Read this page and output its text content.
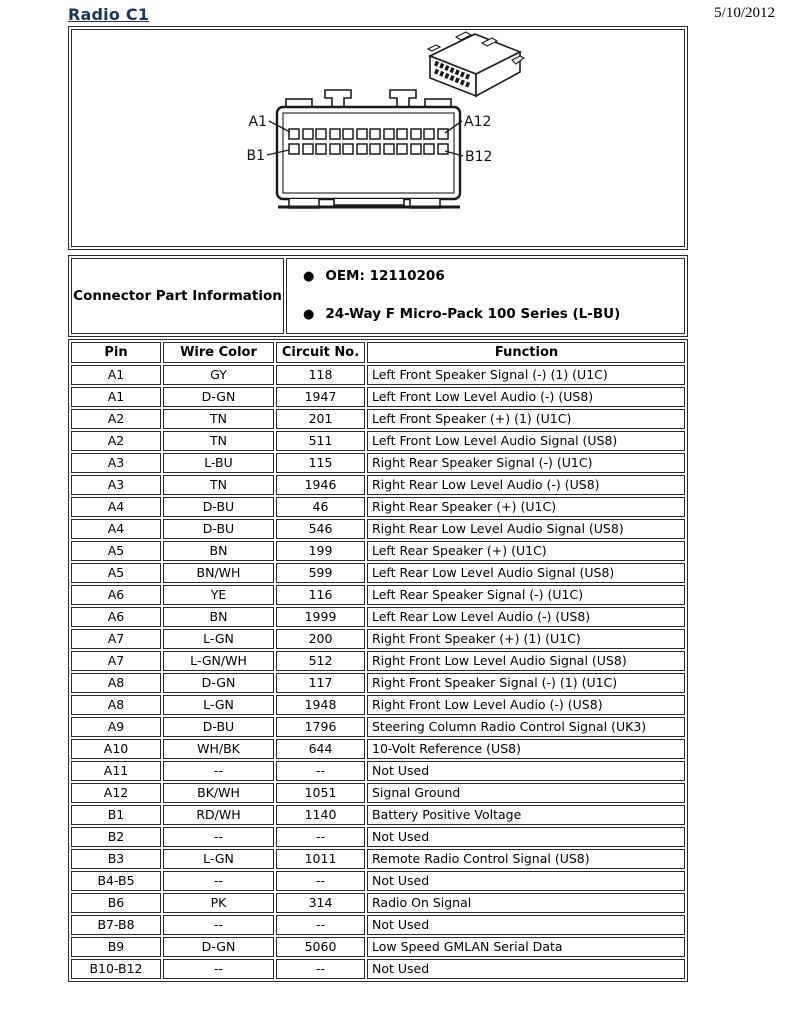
Radio C1	5/10/2012
A1	A12
B1	B12
Connector Part Information	
● OEM: 12110206
● 24-Way F Micro-Pack 100 Series (L-BU)
Pin	Wire Color	Circuit No.	Function
A1	GY	118	Left Front Speaker Signal (-) (1) (U1C)
A1	D-GN	1947	Left Front Low Level Audio (-) (US8)
A2	TN	201	Left Front Speaker (+) (1) (U1C)
A2	TN	511	Left Front Low Level Audio Signal (US8)
A3	L-BU	115	Right Rear Speaker Signal (-) (U1C)
A3	TN	1946	Right Rear Low Level Audio (-) (US8)
A4	D-BU	46	Right Rear Speaker (+) (U1C)
A4	D-BU	546	Right Rear Low Level Audio Signal (US8)
A5	BN	199	Left Rear Speaker (+) (U1C)
A5	BN/WH	599	Left Rear Low Level Audio Signal (US8)
A6	YE	116	Left Rear Speaker Signal (-) (U1C)
A6	BN	1999	Left Rear Low Level Audio (-) (US8)
A7	L-GN	200	Right Front Speaker (+) (1) (U1C)
A7	L-GN/WH	512	Right Front Low Level Audio Signal (US8)
A8	D-GN	117	Right Front Speaker Signal (-) (1) (U1C)
A8	L-GN	1948	Right Front Low Level Audio (-) (US8)
A9	D-BU	1796	Steering Column Radio Control Signal (UK3)
A10	WH/BK	644	10-Volt Reference (US8)
A11	--	--	Not Used
A12	BK/WH	1051	Signal Ground
B1	RD/WH	1140	Battery Positive Voltage
B2	--	--	Not Used
B3	L-GN	1011	Remote Radio Control Signal (US8)
B4-B5	--	--	Not Used
B6	PK	314	Radio On Signal
B7-B8	--	--	Not Used
B9	D-GN	5060	Low Speed GMLAN Serial Data
B10-B12	--	--	Not Used
